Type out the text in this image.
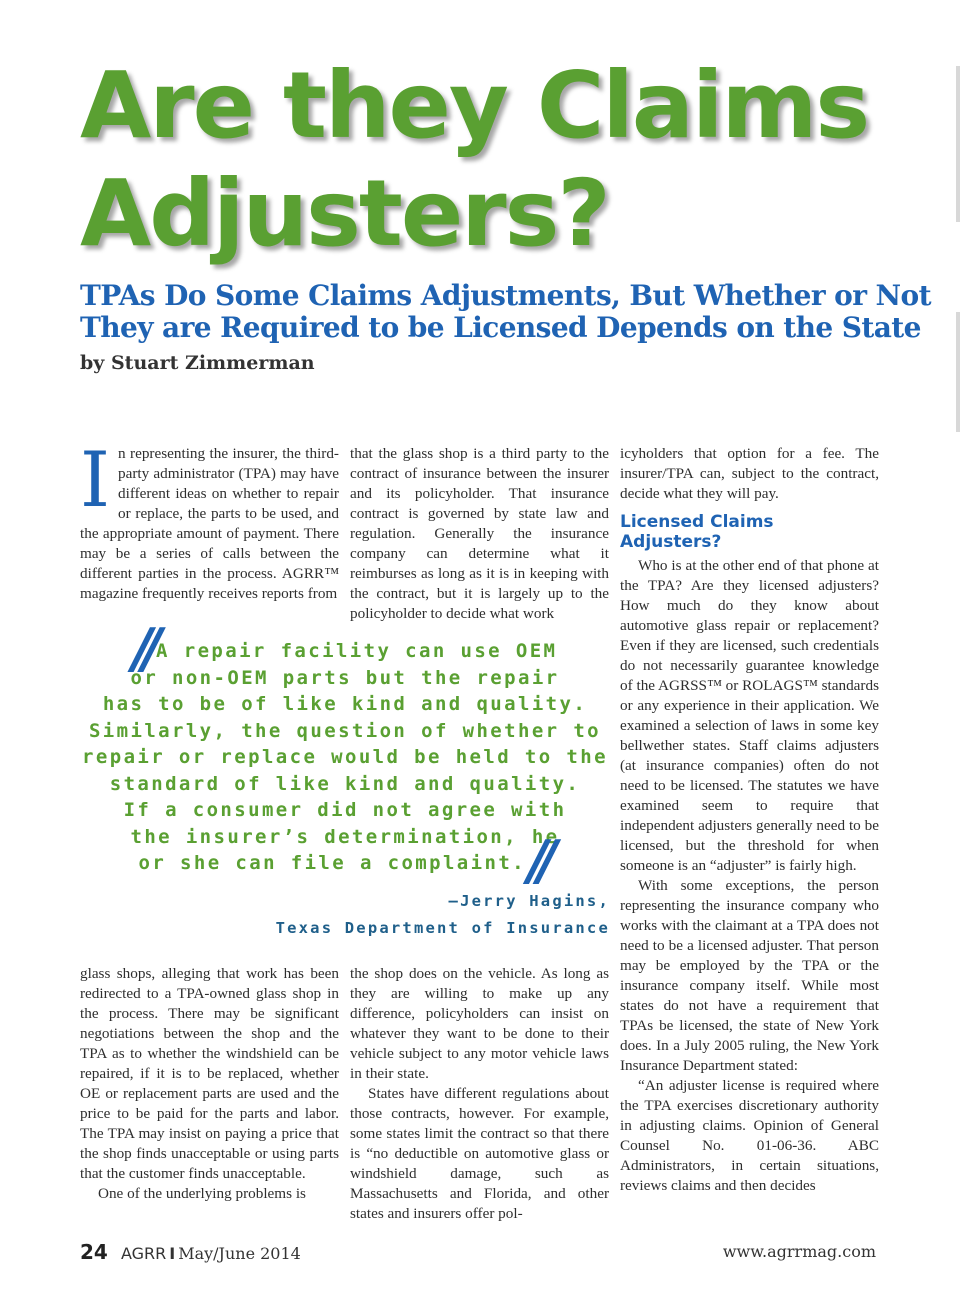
Are they Claims
Adjusters?
TPAs Do Some Claims Adjustments, But Whether or Not
They are Required to be Licensed Depends on the State
by Stuart Zimmerman
I n representing the insurer, the third-party administrator (TPA) may have different ideas on whether to repair or replace, the parts to be used, and the appropriate amount of payment. There may be a series of calls between the different parties in the process. AGRR™ magazine frequently receives reports from

that the glass shop is a third party to the contract of insurance between the insurer and its policyholder. That insurance contract is governed by state law and regulation. Generally the insurance company can determine what it reimburses as long as it is in keeping with the contract, but it is largely up to the policyholder to decide what work

// A repair facility can use OEM
or non-OEM parts but the repair
has to be of like kind and quality.
Similarly, the question of whether to
repair or replace would be held to the
standard of like kind and quality.
If a consumer did not agree with
the insurer’s determination, he
or she can file a complaint.//
—Jerry Hagins,
Texas Department of Insurance

glass shops, alleging that work has been redirected to a TPA-owned glass shop in the process. There may be significant negotiations between the shop and the TPA as to whether the windshield can be repaired, if it is to be replaced, whether OE or replacement parts are used and the price to be paid for the parts and labor. The TPA may insist on paying a price that the shop finds unacceptable or using parts that the customer finds unacceptable.

One of the underlying problems is

the shop does on the vehicle. As long as they are willing to make up any difference, policyholders can insist on whatever they want to be done to their vehicle subject to any motor vehicle laws in their state.

States have different regulations about those contracts, however. For example, some states limit the contract so that there is “no deductible on automotive glass or windshield damage, such as Massachusetts and Florida, and other states and insurers offer pol-

icyholders that option for a fee. The insurer/TPA can, subject to the contract, decide what they will pay.

Licensed Claims Adjusters?

Who is at the other end of that phone at the TPA? Are they licensed adjusters? How much do they know about automotive glass repair or replacement? Even if they are licensed, such credentials do not necessarily guarantee knowledge of the AGRSS™ or ROLAGS™ standards or any experience in their application. We examined a selection of laws in some key bellwether states. Staff claims adjusters (at insurance companies) often do not need to be licensed. The statutes we have examined seem to require that independent adjusters generally need to be licensed, but the threshold for when someone is an “adjuster” is fairly high.

With some exceptions, the person representing the insurance company who works with the claimant at a TPA does not need to be a licensed adjuster. That person may be employed by the TPA or the insurance company itself. While most states do not have a requirement that TPAs be licensed, the state of New York does. In a July 2005 ruling, the New York Insurance Department stated:

“An adjuster license is required where the TPA exercises discretionary authority in adjusting claims. Opinion of General Counsel No. 01-06-36. ABC Administrators, in certain situations, reviews claims and then decides

24 AGRR I May/June 2014	www.agrrmag.com
